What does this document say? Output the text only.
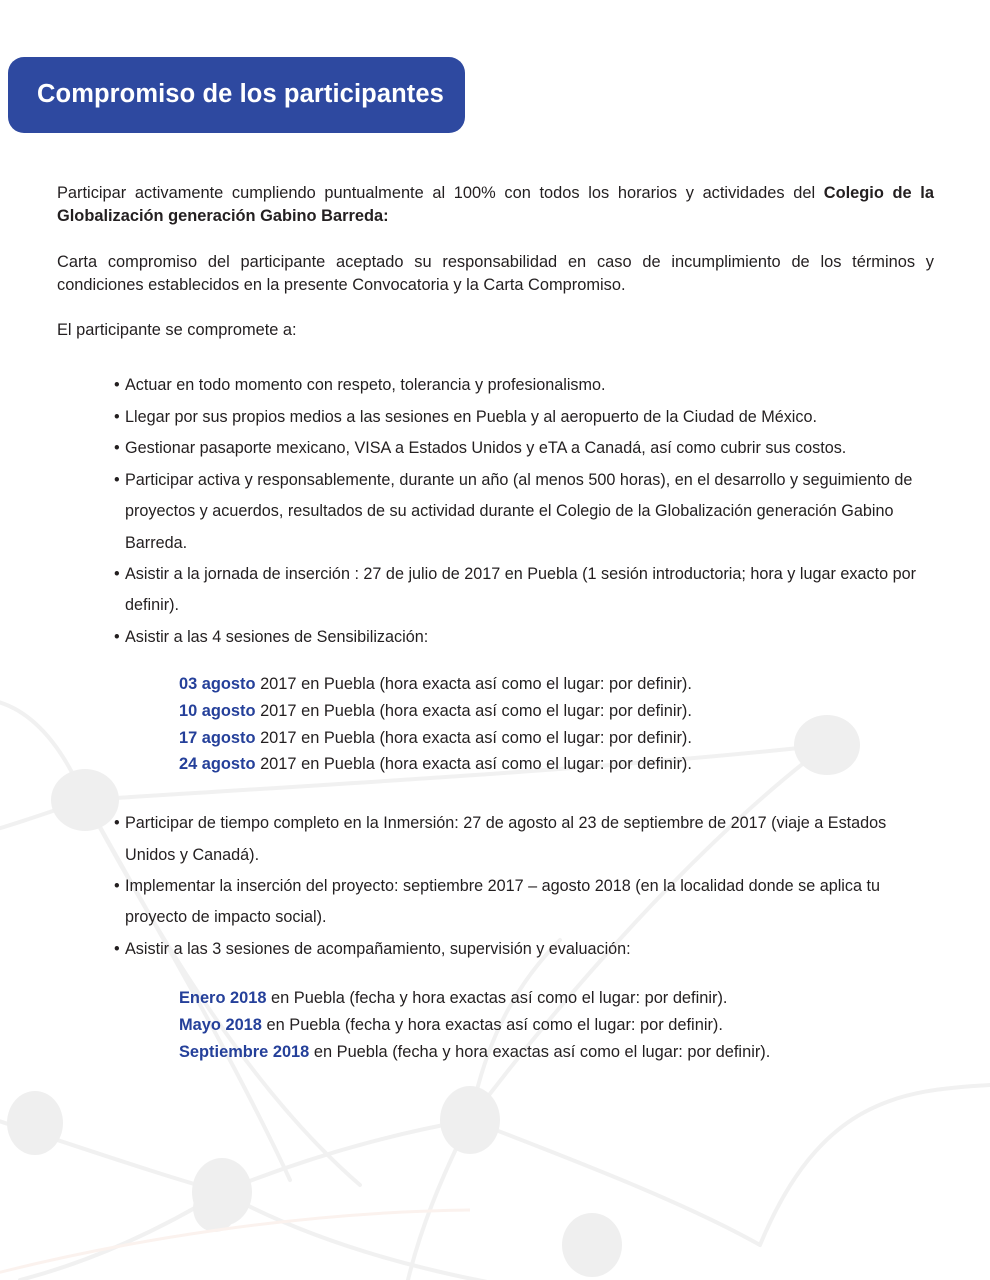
Compromiso de los participantes

Participar activamente cumpliendo puntualmente al 100% con todos los horarios y actividades del Colegio de la Globalización generación Gabino Barreda:

Carta compromiso del participante aceptado su responsabilidad en caso de incumplimiento de los términos y condiciones establecidos en la presente Convocatoria y la Carta Compromiso.

El participante se compromete a:

• Actuar en todo momento con respeto, tolerancia y profesionalismo.
• Llegar por sus propios medios a las sesiones en Puebla y al aeropuerto de la Ciudad de México.
• Gestionar pasaporte mexicano, VISA a Estados Unidos y eTA a Canadá, así como cubrir sus costos.
• Participar activa y responsablemente, durante un año (al menos 500 horas), en el desarrollo y seguimiento de proyectos y acuerdos, resultados de su actividad durante el Colegio de la Globalización generación Gabino Barreda.
• Asistir a la jornada de inserción : 27 de julio de 2017 en Puebla (1 sesión introductoria; hora y lugar exacto por definir).
• Asistir a las 4 sesiones de Sensibilización:
03 agosto 2017 en Puebla (hora exacta así como el lugar: por definir).
10 agosto 2017 en Puebla (hora exacta así como el lugar: por definir).
17 agosto 2017 en Puebla (hora exacta así como el lugar: por definir).
24 agosto 2017 en Puebla (hora exacta así como el lugar: por definir).
• Participar de tiempo completo en la Inmersión: 27 de agosto al 23 de septiembre de 2017 (viaje a Estados Unidos y Canadá).
• Implementar la inserción del proyecto: septiembre 2017 – agosto 2018 (en la localidad donde se aplica tu proyecto de impacto social).
• Asistir a las 3 sesiones de acompañamiento, supervisión y evaluación:
Enero 2018 en Puebla (fecha y hora exactas así como el lugar: por definir).
Mayo 2018 en Puebla (fecha y hora exactas así como el lugar: por definir).
Septiembre 2018 en Puebla (fecha y hora exactas así como el lugar: por definir).
